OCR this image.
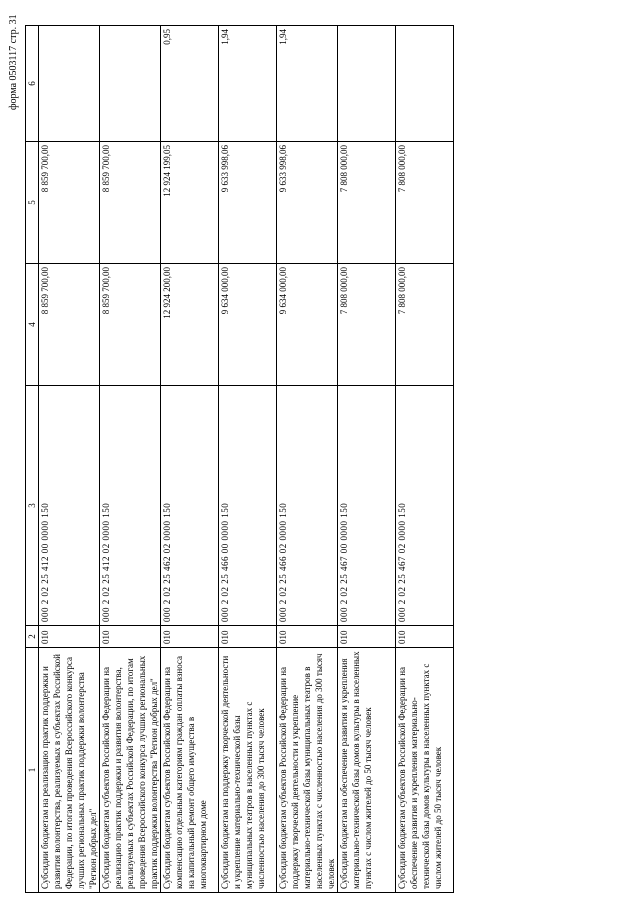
форма 0503117 стр. 31
1	2	3	4	5	6
Субсидии бюджетам на реализацию практик поддержки и развития волонтерства, реализуемых в субъектах Российской Федерации, по итогам проведения Всероссийского конкурса лучших региональных практик поддержки волонтерства "Регион добрых дел"	010	000 2 02 25 412 00 0000 150	8 859 700,00	8 859 700,00	
Субсидии бюджетам субъектов Российской Федерации на реализацию практик поддержки и развития волонтерства, реализуемых в субъектах Российской Федерации, по итогам проведения Всероссийского конкурса лучших региональных практик поддержки волонтерства "Регион добрых дел"	010	000 2 02 25 412 02 0000 150	8 859 700,00	8 859 700,00	
Субсидии бюджетам субъектов Российской Федерации на компенсацию отдельным категориям граждан оплаты взноса на капитальный ремонт общего имущества в многоквартирном доме	010	000 2 02 25 462 02 0000 150	12 924 200,00	12 924 199,05	0,95
Субсидии бюджетам на поддержку творческой деятельности и укрепление материально-технической базы муниципальных театров в населенных пунктах с численностью населения до 300 тысяч человек	010	000 2 02 25 466 00 0000 150	9 634 000,00	9 633 998,06	1,94
Субсидии бюджетам субъектов Российской Федерации на поддержку творческой деятельности и укрепление материально-технической базы муниципальных театров в населенных пунктах с численностью населения до 300 тысяч человек	010	000 2 02 25 466 02 0000 150	9 634 000,00	9 633 998,06	1,94
Субсидии бюджетам на обеспечение развития и укрепления материально-технической базы домов культуры в населенных пунктах с числом жителей до 50 тысяч человек	010	000 2 02 25 467 00 0000 150	7 808 000,00	7 808 000,00	
Субсидии бюджетам субъектов Российской Федерации на обеспечение развития и укрепления материально-технической базы домов культуры в населенных пунктах с числом жителей до 50 тысяч человек	010	000 2 02 25 467 02 0000 150	7 808 000,00	7 808 000,00	
